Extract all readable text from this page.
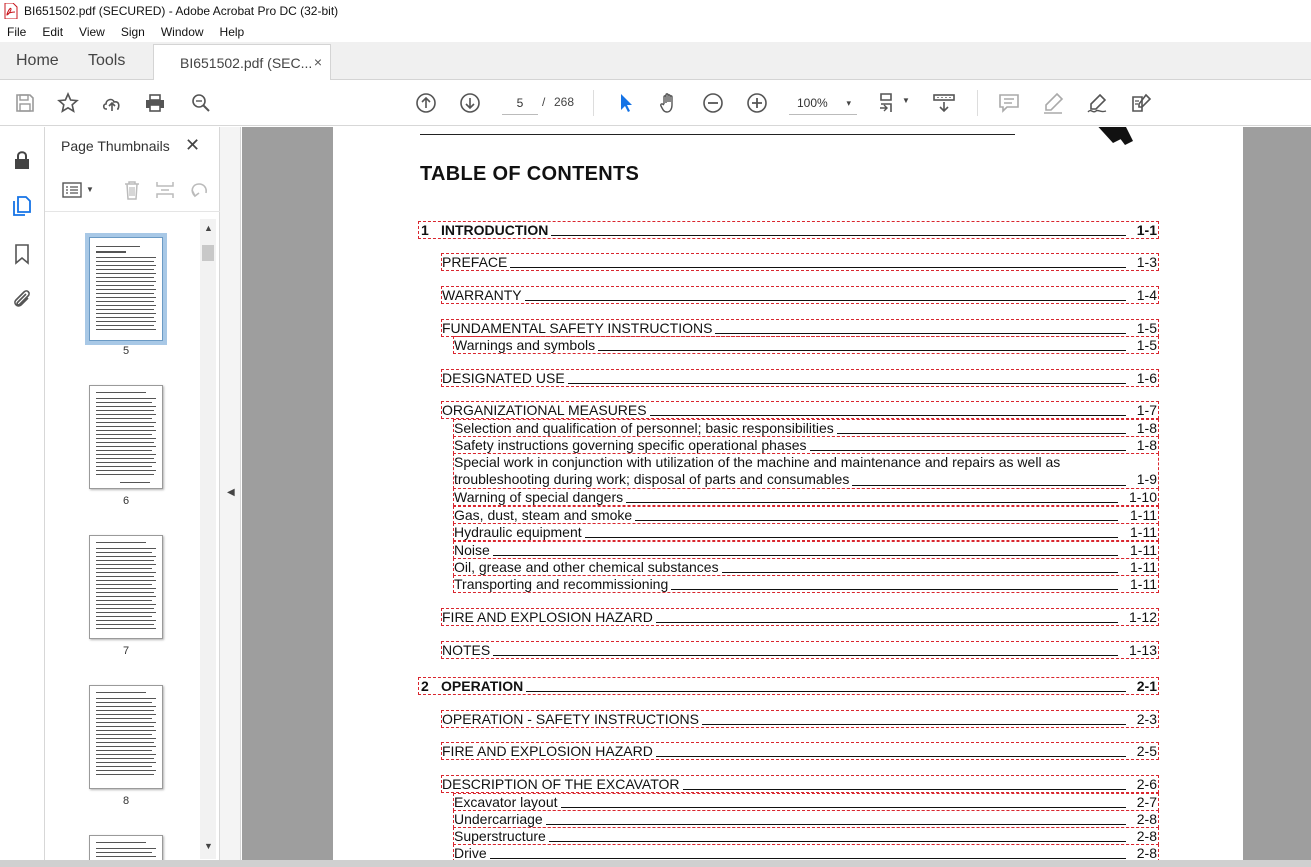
BI651502.pdf (SECURED) - Adobe Acrobat Pro DC (32-bit)
File	Edit	View	Sign	Window	Help
Home Tools	BI651502.pdf (SEC... ×
5
/ 268	100% ▾	▼
Page Thumbnails ✕
▼
5
6
7
8
▲
▼
◀
TABLE OF CONTENTS
1 INTRODUCTION	1-1
PREFACE	1-3
WARRANTY	1-4
FUNDAMENTAL SAFETY INSTRUCTIONS	1-5
Warnings and symbols	1-5
DESIGNATED USE	1-6
ORGANIZATIONAL MEASURES	1-7
Selection and qualification of personnel; basic responsibilities	1-8
Safety instructions governing specific operational phases	1-8
Special work in conjunction with utilization of the machine and maintenance and repairs as well as
troubleshooting during work; disposal of parts and consumables	1-9
Warning of special dangers	1-10
Gas, dust, steam and smoke	1-11
Hydraulic equipment	1-11
Noise	1-11
Oil, grease and other chemical substances	1-11
Transporting and recommissioning	1-11
FIRE AND EXPLOSION HAZARD	1-12
NOTES	1-13
2 OPERATION	2-1
OPERATION - SAFETY INSTRUCTIONS	2-3
FIRE AND EXPLOSION HAZARD	2-5
DESCRIPTION OF THE EXCAVATOR	2-6
Excavator layout	2-7
Undercarriage	2-8
Superstructure	2-8
Drive	2-8
